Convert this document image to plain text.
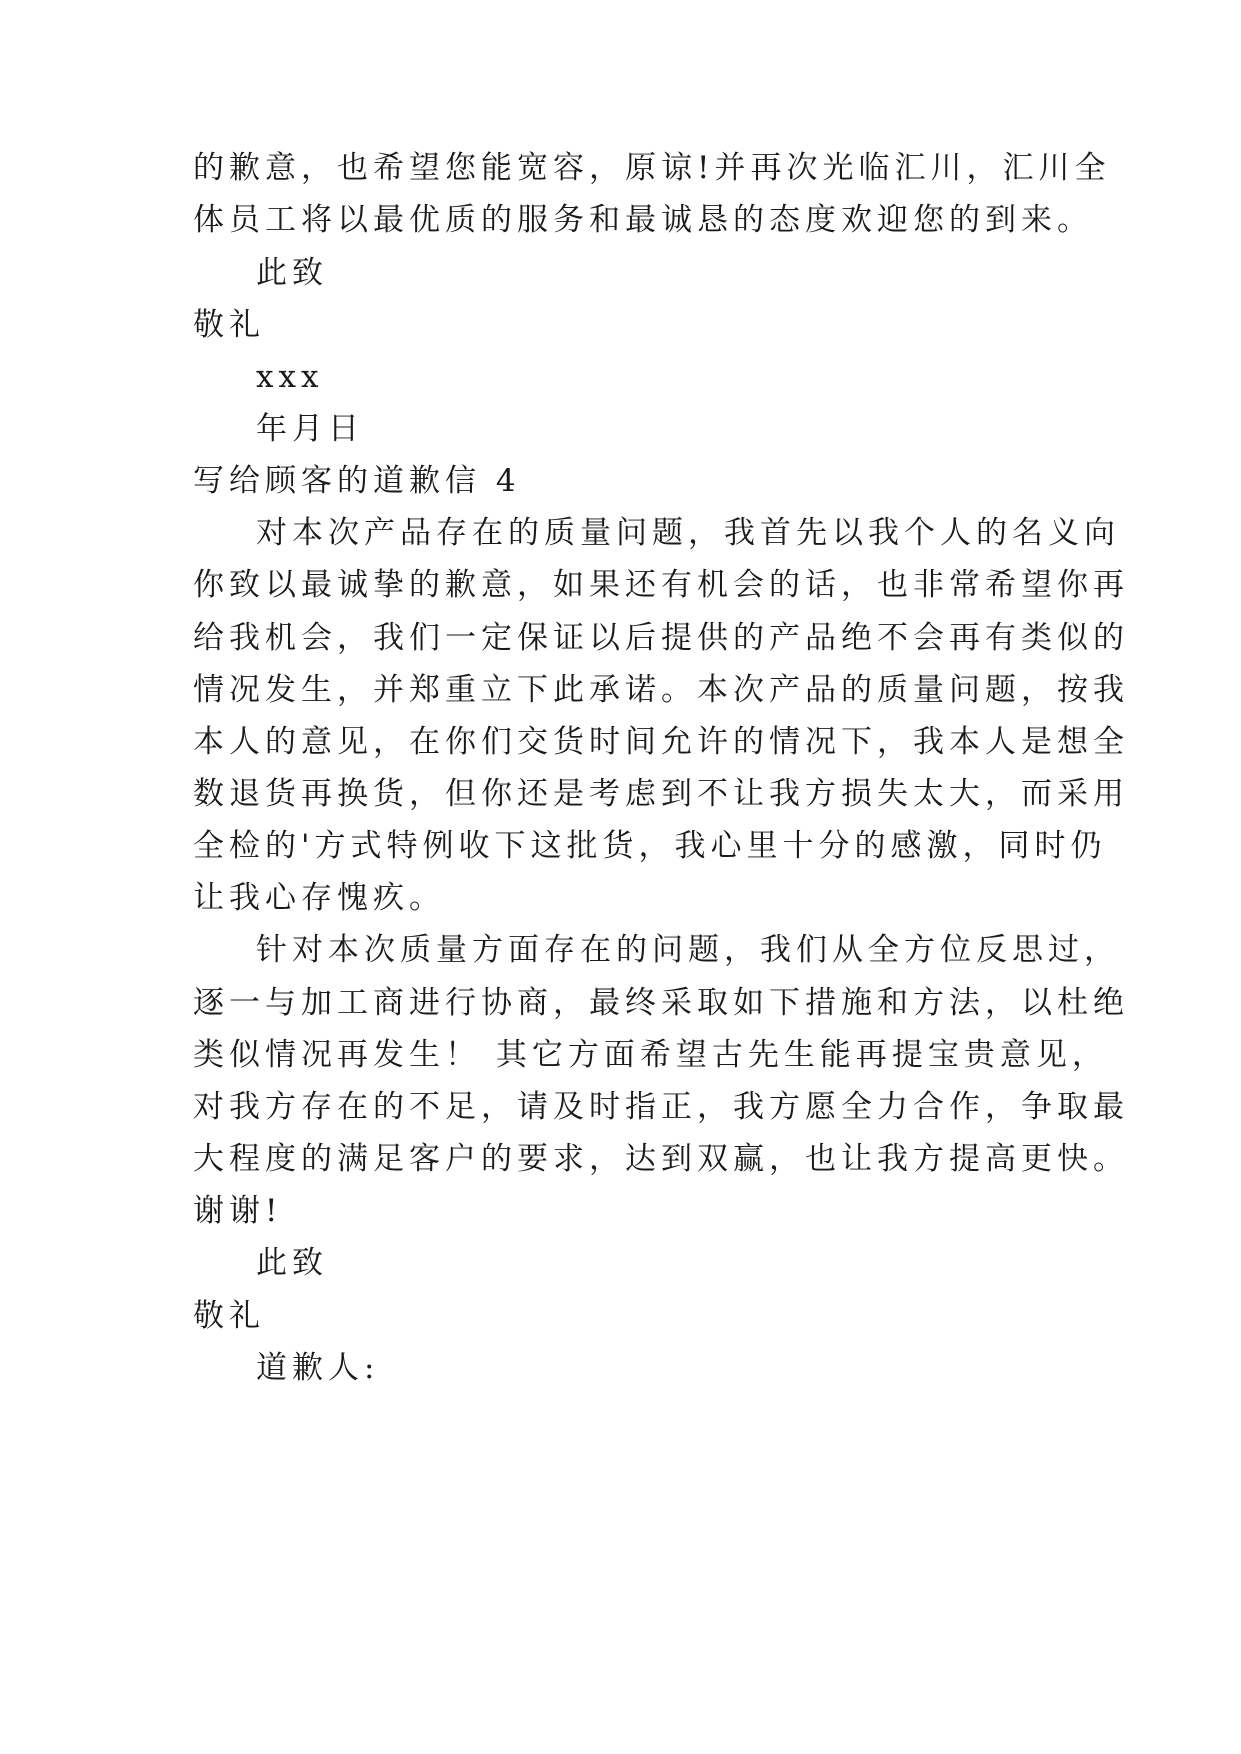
的歉意，也希望您能宽容，原谅!并再次光临汇川，汇川全
体员工将以最优质的服务和最诚恳的态度欢迎您的到来。
此致
敬礼
xxx
年月日
写给顾客的道歉信 4
对本次产品存在的质量问题，我首先以我个人的名义向
你致以最诚挚的歉意，如果还有机会的话，也非常希望你再
给我机会，我们一定保证以后提供的产品绝不会再有类似的
情况发生，并郑重立下此承诺。本次产品的质量问题，按我
本人的意见，在你们交货时间允许的情况下，我本人是想全
数退货再换货，但你还是考虑到不让我方损失太大，而采用
全检的'方式特例收下这批货，我心里十分的感激，同时仍
让我心存愧疚。
针对本次质量方面存在的问题，我们从全方位反思过，
逐一与加工商进行协商，最终采取如下措施和方法，以杜绝
类似情况再发生！ 其它方面希望古先生能再提宝贵意见，
对我方存在的不足，请及时指正，我方愿全力合作，争取最
大程度的满足客户的要求，达到双赢，也让我方提高更快。
谢谢!
此致
敬礼
道歉人:
